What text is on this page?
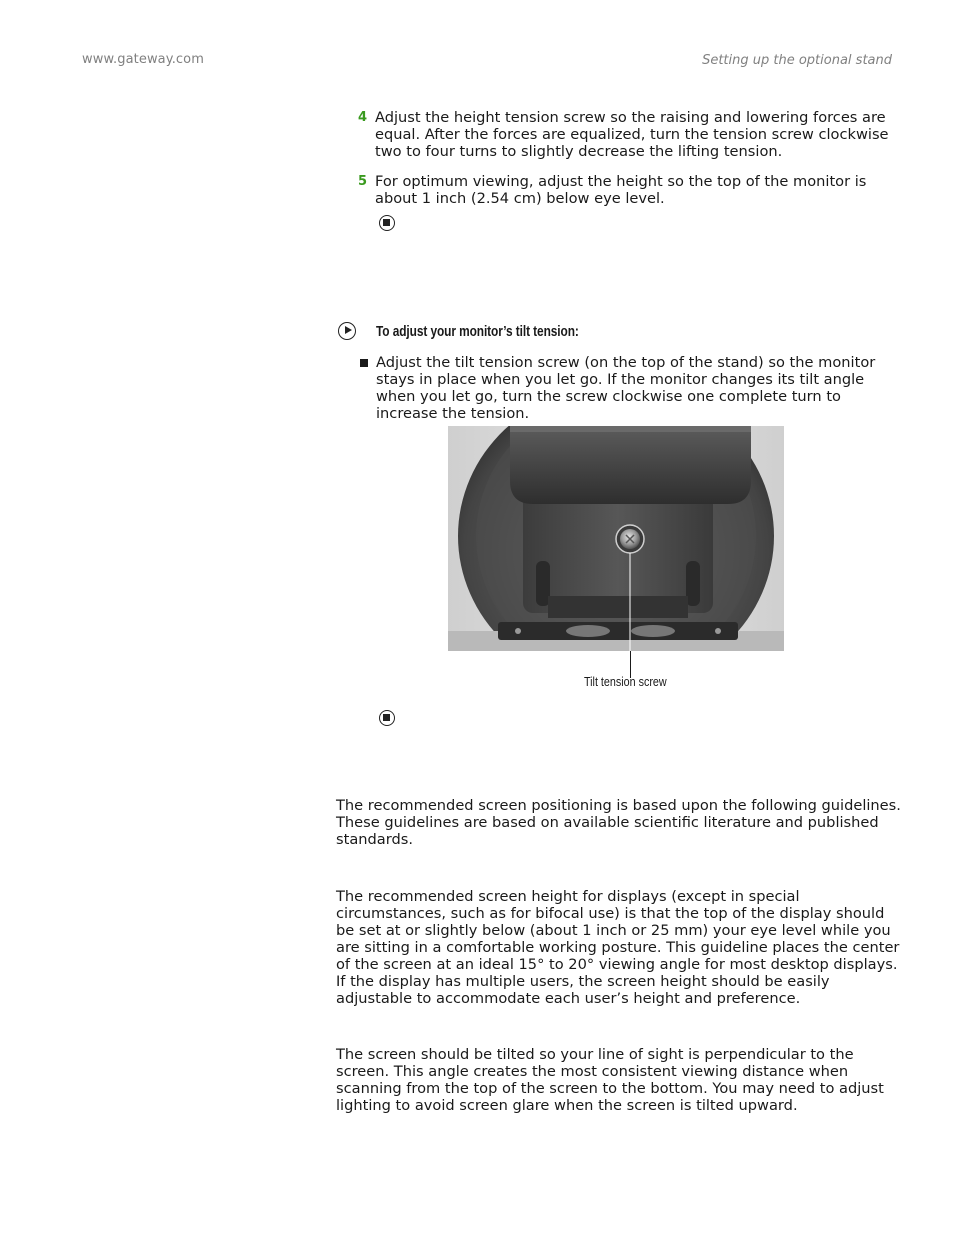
www.gateway.com	Setting up the optional stand
4 Adjust the height tension screw so the raising and lowering forces are equal. After the forces are equalized, turn the tension screw clockwise two to four turns to slightly decrease the lifting tension.
5 For optimum viewing, adjust the height so the top of the monitor is about 1 inch (2.54 cm) below eye level.
To adjust your monitor’s tilt tension:
Adjust the tilt tension screw (on the top of the stand) so the monitor stays in place when you let go. If the monitor changes its tilt angle when you let go, turn the screw clockwise one complete turn to increase the tension.
Tilt tension screw
The recommended screen positioning is based upon the following guidelines. These guidelines are based on available scientific literature and published standards.
The recommended screen height for displays (except in special circumstances, such as for bifocal use) is that the top of the display should be set at or slightly below (about 1 inch or 25 mm) your eye level while you are sitting in a comfortable working posture. This guideline places the center of the screen at an ideal 15° to 20° viewing angle for most desktop displays. If the display has multiple users, the screen height should be easily adjustable to accommodate each user’s height and preference.
The screen should be tilted so your line of sight is perpendicular to the screen. This angle creates the most consistent viewing distance when scanning from the top of the screen to the bottom. You may need to adjust lighting to avoid screen glare when the screen is tilted upward.
